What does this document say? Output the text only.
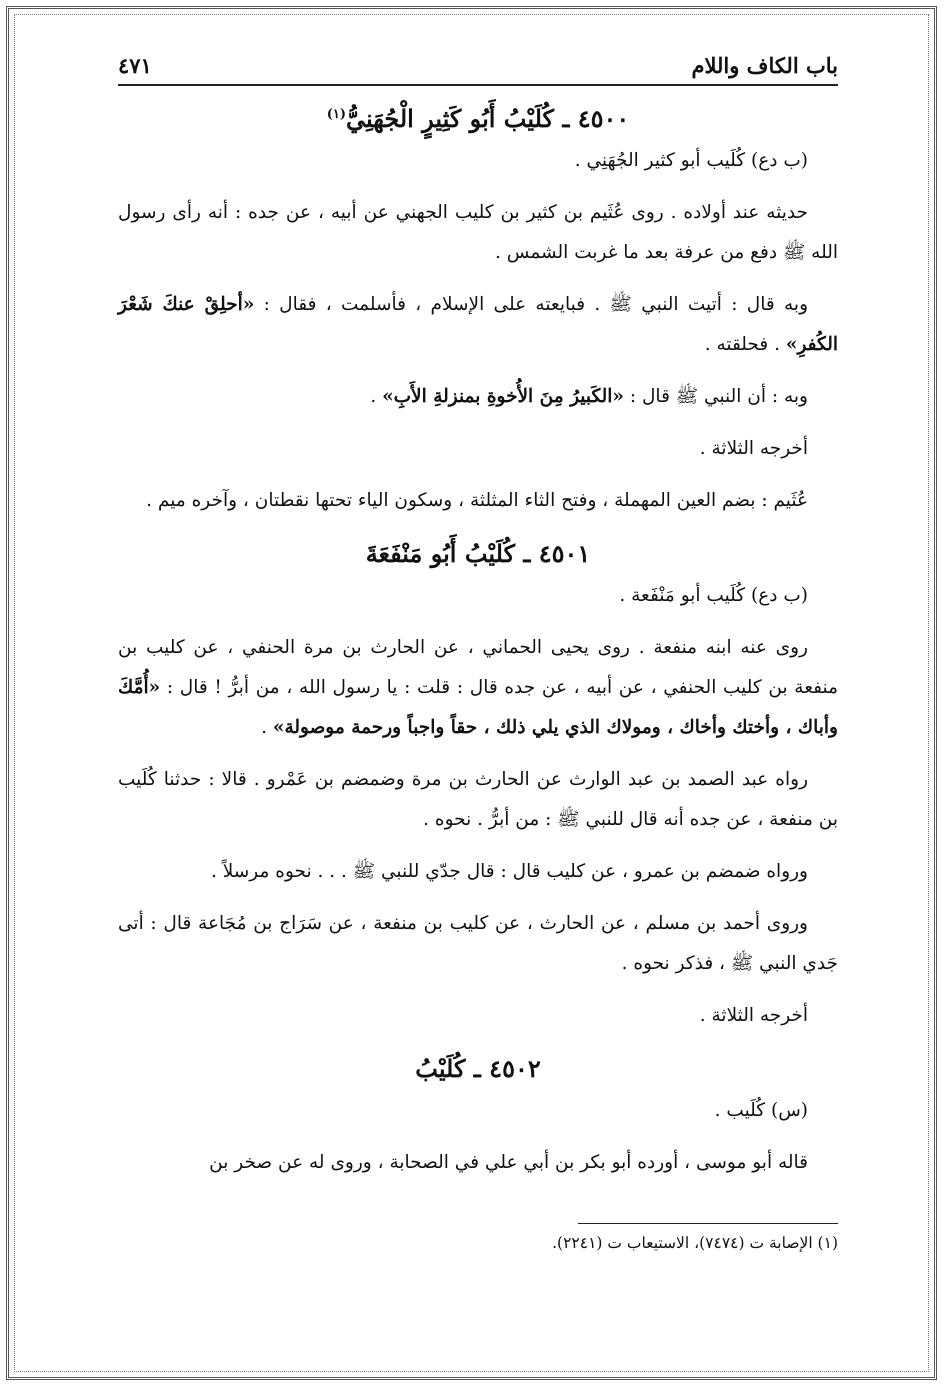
باب الكاف واللام
٤٧١
٤٥٠٠ ـ كُلَيْبُ أَبُو كَثِيرٍ الْجُهَنِيُّ$^{(١)}$

(ب دع) كُلَيب أبو كثير الجُهَنِي .

حديثه عند أولاده . روى عُثَيم بن كثير بن كليب الجهني عن أبيه ، عن جده : أنه رأى رسول الله ﷺ دفع من عرفة بعد ما غربت الشمس .

وبه قال : أتيت النبي ﷺ . فبايعته على الإسلام ، فأسلمت ، فقال : «أحلِقْ عنكَ شَعْرَ الكُفرِ» . فحلقته .

وبه : أن النبي ﷺ قال : «الكَبيرُ مِنَ الأُخوةِ بمنزلةِ الأَبِ» .

أخرجه الثلاثة .

عُثَيم : بضم العين المهملة ، وفتح الثاء المثلثة ، وسكون الياء تحتها نقطتان ، وآخره ميم .

٤٥٠١ ـ كُلَيْبُ أَبُو مَنْفَعَةَ

(ب دع) كُلَيب أبو مَنْفَعة .

روى عنه ابنه منفعة . روى يحيى الحماني ، عن الحارث بن مرة الحنفي ، عن كليب بن منفعة بن كليب الحنفي ، عن أبيه ، عن جده قال : قلت : يا رسول الله ، من أبرُّ ! قال : «أُمَّكَ وأباك ، وأختك وأخاك ، ومولاك الذي يلي ذلك ، حقاً واجباً ورحمة موصولة» .

رواه عبد الصمد بن عبد الوارث عن الحارث بن مرة وضمضم بن عَمْرو . قالا : حدثنا كُلَيب بن منفعة ، عن جده أنه قال للنبي ﷺ : من أبرُّ . نحوه .

ورواه ضمضم بن عمرو ، عن كليب قال : قال جدّي للنبي ﷺ . . . نحوه مرسلاً .

وروى أحمد بن مسلم ، عن الحارث ، عن كليب بن منفعة ، عن سَرَاج بن مُجَاعة قال : أتى جَدي النبي ﷺ ، فذكر نحوه .

أخرجه الثلاثة .

٤٥٠٢ ـ كُلَيْبُ

(س) كُلَيب .

قاله أبو موسى ، أورده أبو بكر بن أبي علي في الصحابة ، وروى له عن صخر بن

(١) الإصابة ت (٧٤٧٤)، الاستيعاب ت (٢٢٤١).
